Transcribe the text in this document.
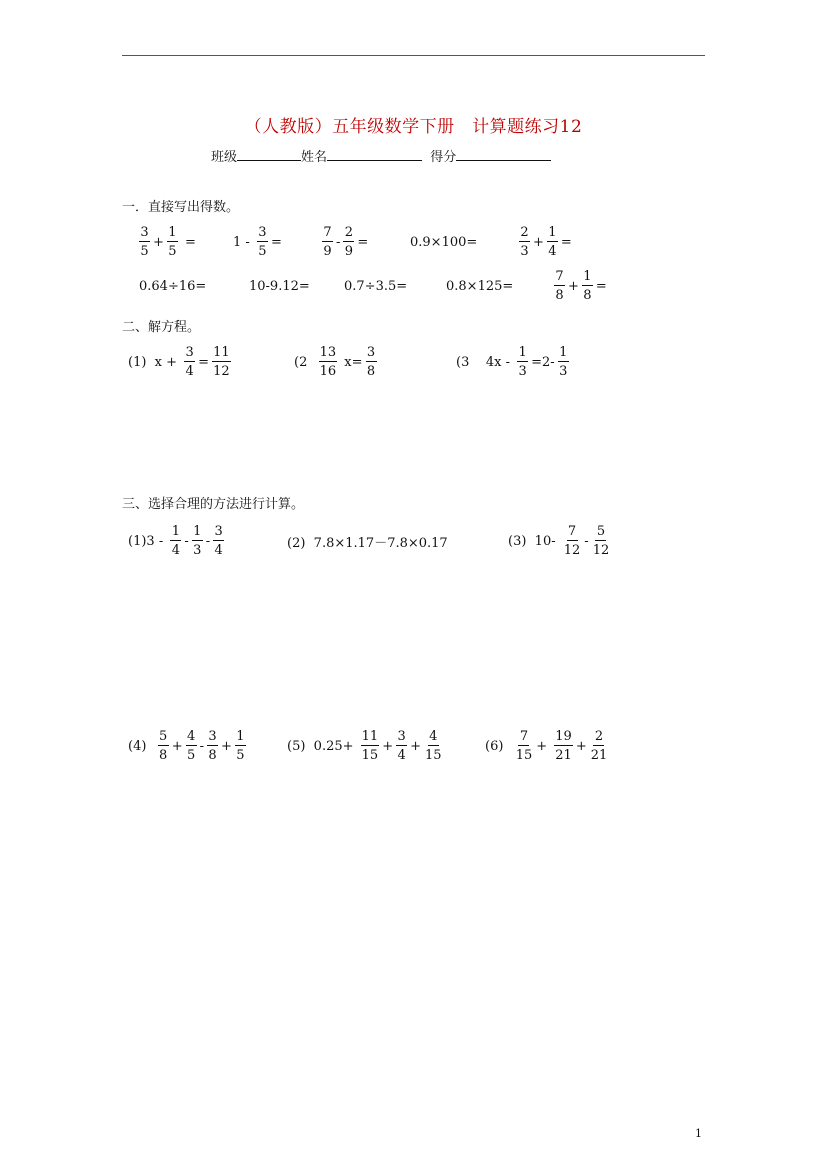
（人教版）五年级数学下册　计算题练习12
班级	姓名	得分
一．直接写出得数。
$\frac{3}{5} + \frac{1}{5}$ =	$1 - \frac{3}{5}$ =	$\frac{7}{9} - \frac{2}{9}$ =	0.9×100=	$\frac{2}{3} + \frac{1}{4}$ =
0.64÷16=	10-9.12=	0.7÷3.5=	0.8×125=	$\frac{7}{8} + \frac{1}{8}$ =
二、解方程。
(1)  $x + \frac{3}{4} = \frac{11}{12}$	($2 \frac{13}{16} x= \frac{3}{8}$	(3    $4x - \frac{1}{3} =2- \frac{1}{3}$
三、选择合理的方法进行计算。
$(1)3 - \frac{1}{4} - \frac{1}{3} - \frac{3}{4}$	(2)  7.8×1.17－7.8×0.17	(3)  $10- \frac{7}{12} - \frac{5}{12}$
$(4) \frac{5}{8} + \frac{4}{5} - \frac{3}{8} + \frac{1}{5}$	(5)  $0.25+ \frac{11}{15} + \frac{3}{4} + \frac{4}{15}$	$(6) \frac{7}{15} + \frac{19}{21} + \frac{2}{21}$
1
